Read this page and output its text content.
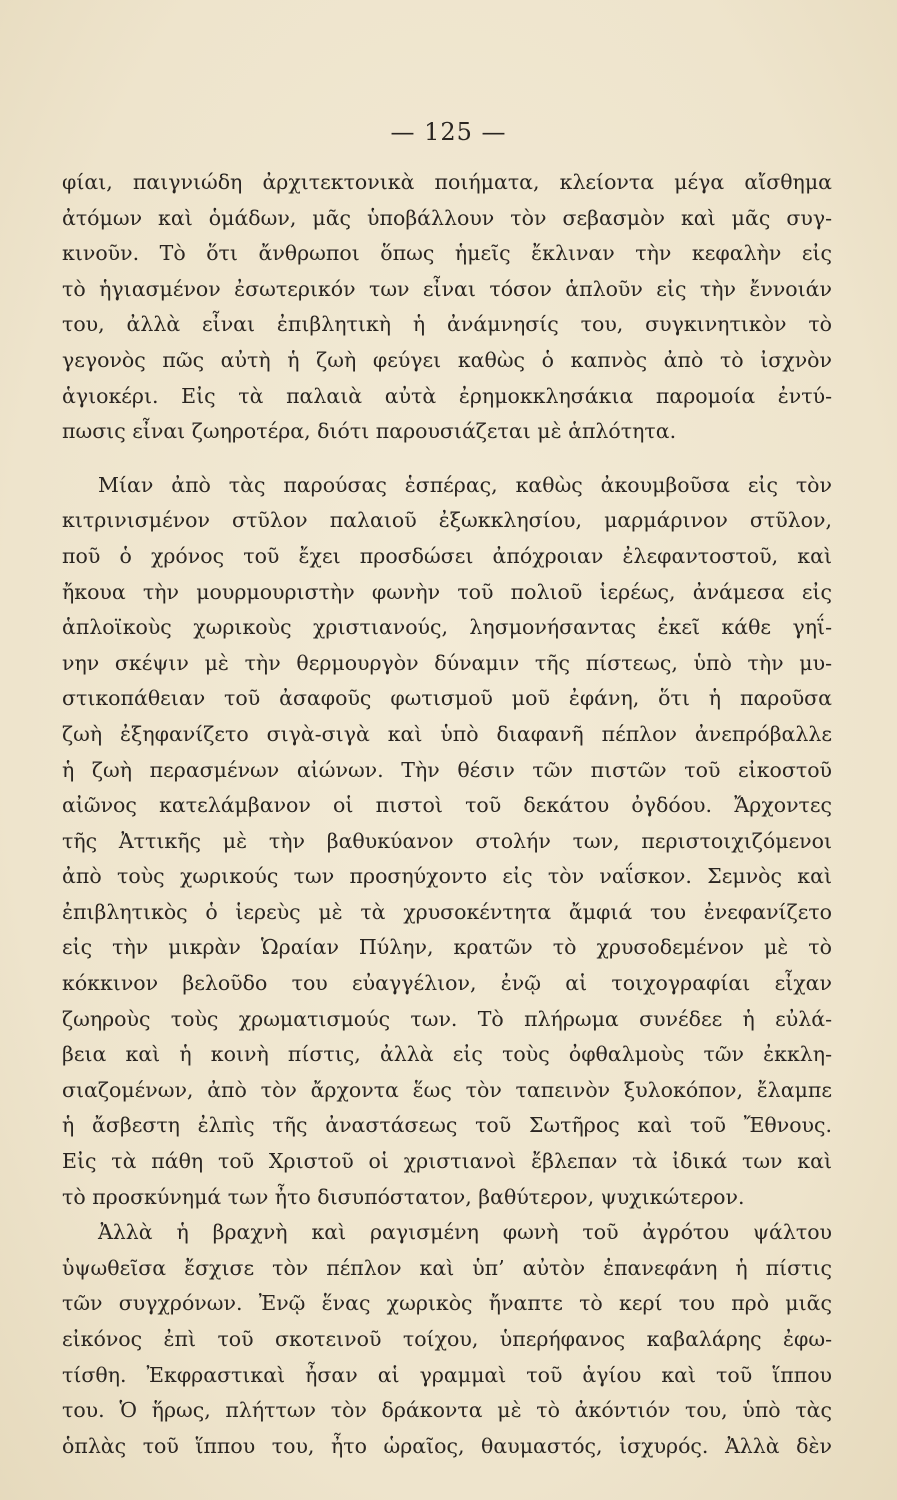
— 125 —
φίαι, παιγνιώδη ἀρχιτεκτονικὰ ποιήματα, κλείοντα μέγα αἴσθημα
ἀτόμων καὶ ὁμάδων, μᾶς ὑποβάλλουν τὸν σεβασμὸν καὶ μᾶς συγ-
κινοῦν. Τὸ ὅτι ἄνθρωποι ὅπως ἡμεῖς ἔκλιναν τὴν κεφαλὴν εἰς
τὸ ἡγιασμένον ἐσωτερικόν των εἶναι τόσον ἁπλοῦν εἰς τὴν ἔννοιάν
του, ἀλλὰ εἶναι ἐπιβλητικὴ ἡ ἀνάμνησίς του, συγκινητικὸν τὸ
γεγονὸς πῶς αὐτὴ ἡ ζωὴ φεύγει καθὼς ὁ καπνὸς ἀπὸ τὸ ἰσχνὸν
ἁγιοκέρι. Εἰς τὰ παλαιὰ αὐτὰ ἐρημοκκλησάκια παρομοία ἐντύ-
πωσις εἶναι ζωηροτέρα, διότι παρουσιάζεται μὲ ἁπλότητα.
Μίαν ἀπὸ τὰς παρούσας ἑσπέρας, καθὼς ἀκουμβοῦσα εἰς τὸν
κιτρινισμένον στῦλον παλαιοῦ ἐξωκκλησίου, μαρμάρινον στῦλον,
ποῦ ὁ χρόνος τοῦ ἔχει προσδώσει ἀπόχροιαν ἐλεφαντοστοῦ, καὶ
ἤκουα τὴν μουρμουριστὴν φωνὴν τοῦ πολιοῦ ἱερέως, ἀνάμεσα εἰς
ἁπλοϊκοὺς χωρικοὺς χριστιανούς, λησμονήσαντας ἐκεῖ κάθε γηΐ-
νην σκέψιν μὲ τὴν θερμουργὸν δύναμιν τῆς πίστεως, ὑπὸ τὴν μυ-
στικοπάθειαν τοῦ ἀσαφοῦς φωτισμοῦ μοῦ ἐφάνη, ὅτι ἡ παροῦσα
ζωὴ ἐξηφανίζετο σιγὰ-σιγὰ καὶ ὑπὸ διαφανῆ πέπλον ἀνεπρόβαλλε
ἡ ζωὴ περασμένων αἰώνων. Τὴν θέσιν τῶν πιστῶν τοῦ εἰκοστοῦ
αἰῶνος κατελάμβανον οἱ πιστοὶ τοῦ δεκάτου ὀγδόου. Ἄρχοντες
τῆς Ἀττικῆς μὲ τὴν βαθυκύανον στολήν των, περιστοιχιζόμενοι
ἀπὸ τοὺς χωρικούς των προσηύχοντο εἰς τὸν ναΐσκον. Σεμνὸς καὶ
ἐπιβλητικὸς ὁ ἱερεὺς μὲ τὰ χρυσοκέντητα ἄμφιά του ἐνεφανίζετο
εἰς τὴν μικρὰν Ὡραίαν Πύλην, κρατῶν τὸ χρυσοδεμένον μὲ τὸ
κόκκινον βελοῦδο του εὐαγγέλιον, ἐνῷ αἱ τοιχογραφίαι εἶχαν
ζωηροὺς τοὺς χρωματισμούς των. Τὸ πλήρωμα συνέδεε ἡ εὐλά-
βεια καὶ ἡ κοινὴ πίστις, ἀλλὰ εἰς τοὺς ὀφθαλμοὺς τῶν ἐκκλη-
σιαζομένων, ἀπὸ τὸν ἄρχοντα ἕως τὸν ταπεινὸν ξυλοκόπον, ἔλαμπε
ἡ ἄσβεστη ἐλπὶς τῆς ἀναστάσεως τοῦ Σωτῆρος καὶ τοῦ Ἔθνους.
Εἰς τὰ πάθη τοῦ Χριστοῦ οἱ χριστιανοὶ ἔβλεπαν τὰ ἰδικά των καὶ
τὸ προσκύνημά των ἦτο δισυπόστατον, βαθύτερον, ψυχικώτερον.
Ἀλλὰ ἡ βραχνὴ καὶ ραγισμένη φωνὴ τοῦ ἀγρότου ψάλτου
ὑψωθεῖσα ἔσχισε τὸν πέπλον καὶ ὑπ’ αὐτὸν ἐπανεφάνη ἡ πίστις
τῶν συγχρόνων. Ἐνῷ ἕνας χωρικὸς ἤναπτε τὸ κερί του πρὸ μιᾶς
εἰκόνος ἐπὶ τοῦ σκοτεινοῦ τοίχου, ὑπερήφανος καβαλάρης ἐφω-
τίσθη. Ἐκφραστικαὶ ἦσαν αἱ γραμμαὶ τοῦ ἁγίου καὶ τοῦ ἵππου
του. Ὁ ἥρως, πλήττων τὸν δράκοντα μὲ τὸ ἀκόντιόν του, ὑπὸ τὰς
ὁπλὰς τοῦ ἵππου του, ἦτο ὡραῖος, θαυμαστός, ἰσχυρός. Ἀλλὰ δὲν
